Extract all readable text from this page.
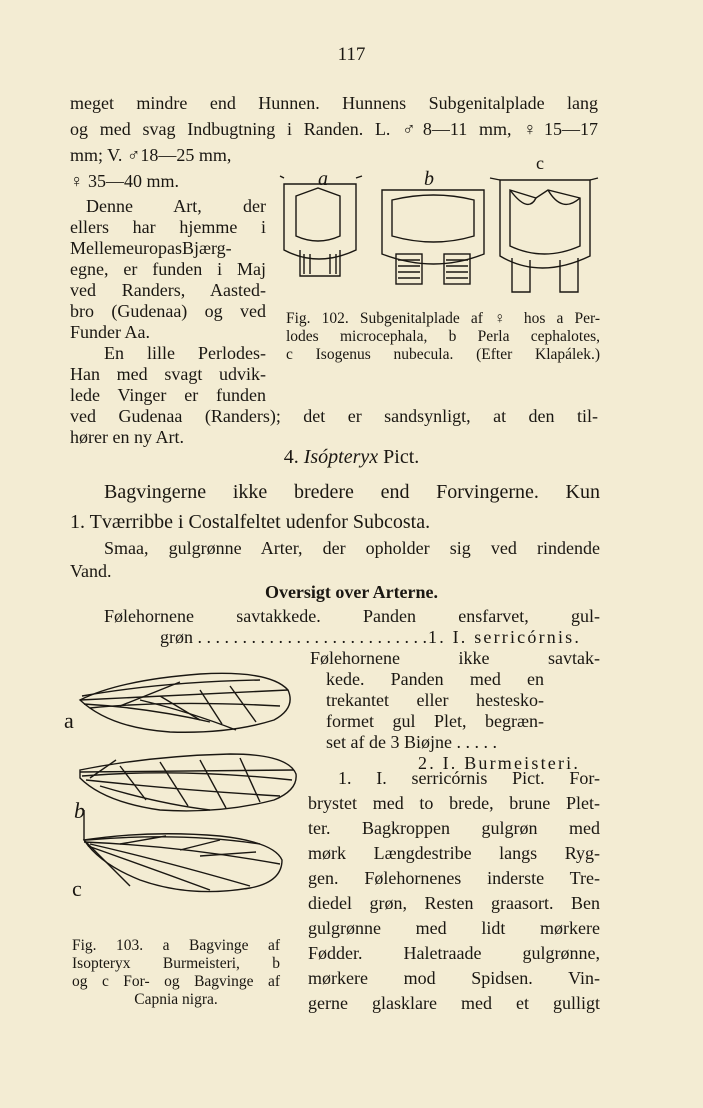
117
meget mindre end Hunnen. Hunnens Subgenitalplade lang
og med svag Indbugtning i Randen. L. ♂8—11 mm, ♀15—17
mm; V. ♂18—25 mm,
♀ 35—40 mm.
Denne Art, der
ellers har hjemme i
MellemeuropasBjærg-
egne, er funden i Maj
ved Randers, Aasted-
bro (Gudenaa) og ved
Funder Aa.
En lille Perlodes-
Han med svagt udvik-
lede Vinger er funden
ved Gudenaa (Randers); det er sandsynligt, at den til-
hører en ny Art.
a	b
c
Fig. 102. Subgenitalplade af ♀ hos a Per-
lodes microcephala, b Perla cephalotes,
c Isogenus nubecula. (Efter Klapálek.)
4. Isópteryx Pict.
Bagvingerne ikke bredere end Forvingerne. Kun
1. Tværribbe i Costalfeltet udenfor Subcosta.
Smaa, gulgrønne Arter, der opholder sig ved rindende
Vand.
Oversigt over Arterne.
Følehornene savtakkede. Panden ensfarvet, gul-
grøn . . . . . . . . . . . . . . . . . . . . . . . . . . 1. I. serricórnis.
Følehornene ikke savtak-
kede. Panden med en
trekantet eller hestesko-
formet gul Plet, begræn-
set af de 3 Biøjne . . . . .
2. I. Burmeisteri.
a
b
c
Fig. 103. a Bagvinge af
Isopteryx Burmeisteri, b
og c For- og Bagvinge af
Capnia nigra.
1. I. serricórnis Pict. For-
brystet med to brede, brune Plet-
ter. Bagkroppen gulgrøn med
mørk Længdestribe langs Ryg-
gen. Følehornenes inderste Tre-
diedel grøn, Resten graasort. Ben
gulgrønne med lidt mørkere
Fødder. Haletraade gulgrønne,
mørkere mod Spidsen. Vin-
gerne glasklare med et gulligt
